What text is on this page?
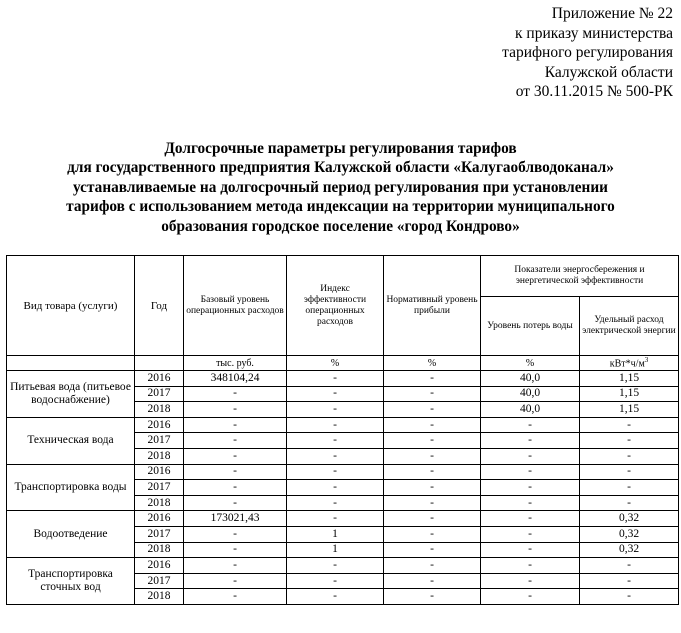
Приложение № 22
к приказу министерства
тарифного регулирования
Калужской области
от 30.11.2015 № 500-РК
Долгосрочные параметры регулирования тарифов
для государственного предприятия Калужской области «Калугаоблводоканал»
устанавливаемые на долгосрочный период регулирования при установлении
тарифов с использованием метода индексации на территории муниципального
образования городское поселение «город Кондрово»
Вид товара (услуги)	Год	Базовый уровень операционных расходов	Индекс эффективности операционных расходов	Нормативный уровень прибыли	Показатели энергосбережения и энергетической эффективности	
					Уровень потерь воды	Удельный расход электрической энергии
		тыс. руб.	%	%	%	$кВт*ч/м^3$
Питьевая вода (питьевое водоснабжение)	2016	348104,24	-	-	40,0	1,15
	2017	-	-	-	40,0	1,15
	2018	-	-	-	40,0	1,15
Техническая вода	2016	-	-	-	-	-
	2017	-	-	-	-	-
	2018	-	-	-	-	-
Транспортировка воды	2016	-	-	-	-	-
	2017	-	-	-	-	-
	2018	-	-	-	-	-
Водоотведение	2016	173021,43	-	-	-	0,32
	2017	-	1	-	-	0,32
	2018	-	1	-	-	0,32
Транспортировка сточных вод	2016	-	-	-	-	-
	2017	-	-	-	-	-
	2018	-	-	-	-	-
